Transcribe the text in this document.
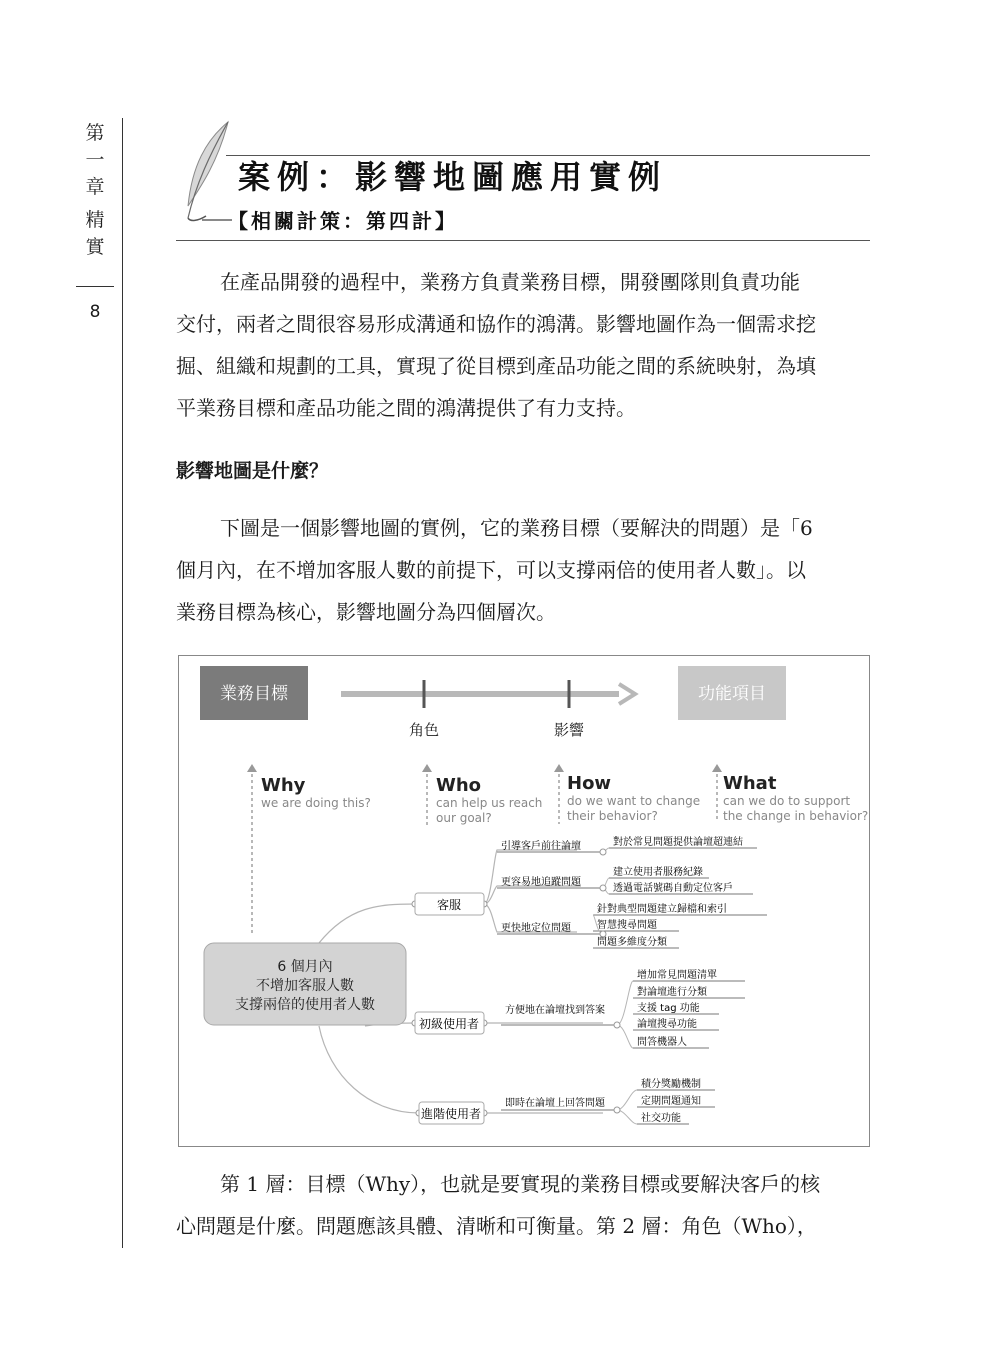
第
一
章
精
實
8
案例：影響地圖應用實例
【相關計策：第四計】
在產品開發的過程中，業務方負責業務目標，開發團隊則負責功能
交付，兩者之間很容易形成溝通和協作的鴻溝。影響地圖作為一個需求挖
掘、組織和規劃的工具，實現了從目標到產品功能之間的系統映射，為填
平業務目標和產品功能之間的鴻溝提供了有力支持。
影響地圖是什麼？
下圖是一個影響地圖的實例，它的業務目標（要解決的問題）是「6
個月內，在不增加客服人數的前提下，可以支撐兩倍的使用者人數」。以
業務目標為核心，影響地圖分為四個層次。
業務目標	功能項目
角色	影響
Why
we are doing this?
Who
can help us reach
our goal?
How
do we want to change
their behavior?
What
can we do to support
the change in behavior?
6 個月內
不增加客服人數
支撐兩倍的使用者人數
客服
初級使用者
進階使用者
引導客戶前往論壇
更容易地追蹤問題
更快地定位問題
方便地在論壇找到答案
即時在論壇上回答問題
對於常見問題提供論壇超連結
建立使用者服務紀錄
透過電話號碼自動定位客戶
針對典型問題建立歸檔和索引
智慧搜尋問題
問題多維度分類
增加常見問題清單
對論壇進行分類
支援 tag 功能
論壇搜尋功能
問答機器人
積分獎勵機制
定期問題通知
社交功能
第 1 層：目標（Why），也就是要實現的業務目標或要解決客戶的核
心問題是什麼。問題應該具體、清晰和可衡量。第 2 層：角色（Who），
